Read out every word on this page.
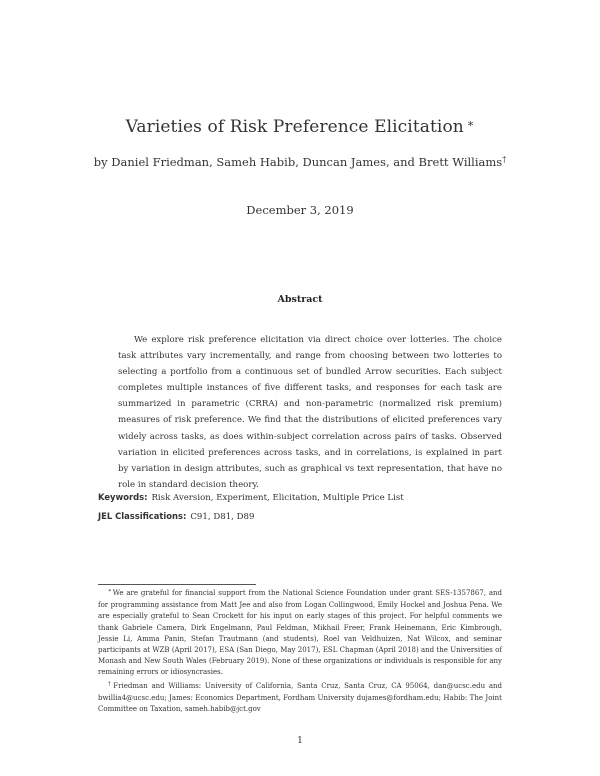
Varieties of Risk Preference Elicitation ∗
by Daniel Friedman, Sameh Habib, Duncan James, and Brett Williams†
December 3, 2019
Abstract
We explore risk preference elicitation via direct choice over lotteries. The choice task attributes vary incrementally, and range from choosing between two lotteries to selecting a portfolio from a continuous set of bundled Arrow securities. Each subject completes multiple instances of five different tasks, and responses for each task are summarized in parametric (CRRA) and non-parametric (normalized risk premium) measures of risk preference. We find that the distributions of elicited preferences vary widely across tasks, as does within-subject correlation across pairs of tasks. Observed variation in elicited preferences across tasks, and in correlations, is explained in part by variation in design attributes, such as graphical vs text representation, that have no role in standard decision theory.
Keywords: Risk Aversion, Experiment, Elicitation, Multiple Price List
JEL Classifications: C91, D81, D89

∗We are grateful for financial support from the National Science Foundation under grant SES-1357867, and for programming assistance from Matt Jee and also from Logan Collingwood, Emily Hockel and Joshua Pena. We are especially grateful to Sean Crockett for his input on early stages of this project. For helpful comments we thank Gabriele Camera, Dirk Engelmann, Paul Feldman, Mikhail Freer, Frank Heinemann, Eric Kimbrough, Jessie Li, Amma Panin, Stefan Trautmann (and students), Roel van Veldhuizen, Nat Wilcox, and seminar participants at WZB (April 2017), ESA (San Diego, May 2017), ESL Chapman (April 2018) and the Universities of Monash and New South Wales (February 2019). None of these organizations or individuals is responsible for any remaining errors or idiosyncrasies.

†Friedman and Williams: University of California, Santa Cruz, Santa Cruz, CA 95064, dan@ucsc.edu and bwillia4@ucsc.edu; James: Economics Department, Fordham University dujames@fordham.edu; Habib: The Joint Committee on Taxation, sameh.habib@jct.gov

1
